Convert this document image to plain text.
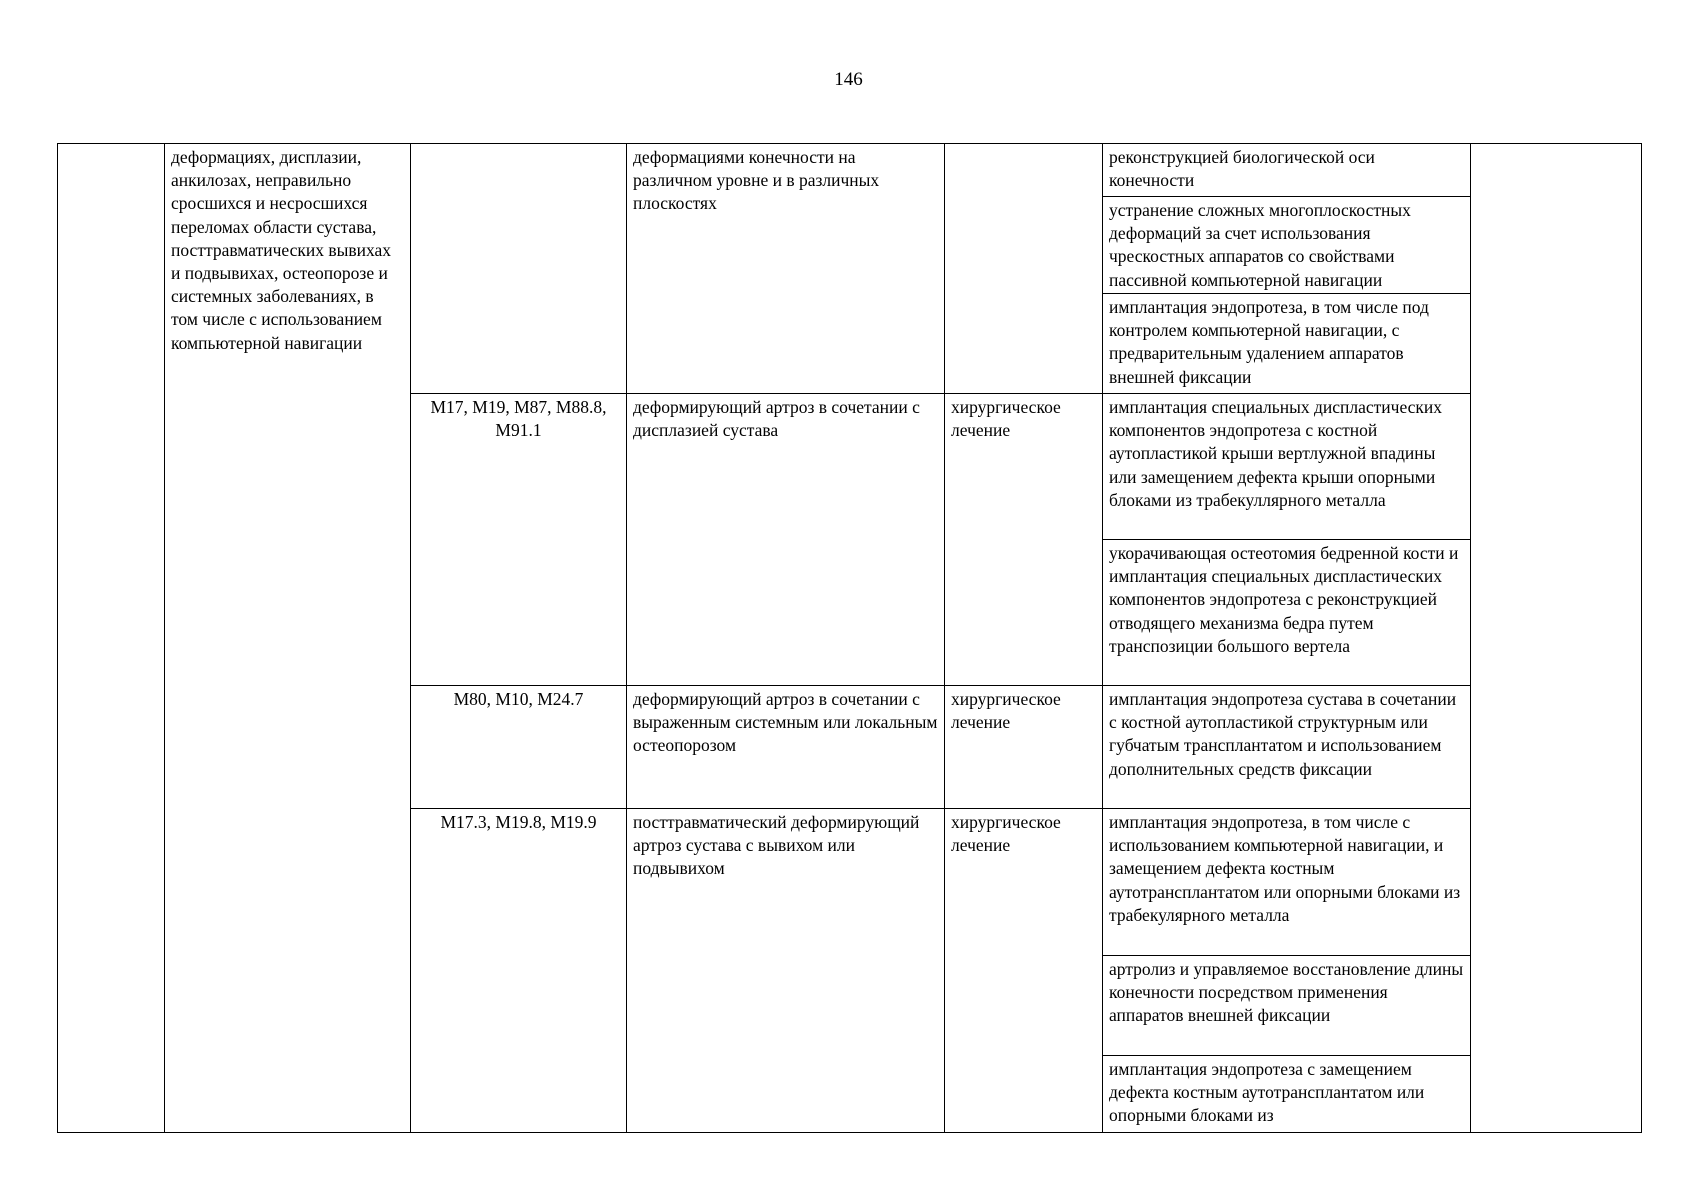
146
	деформациях, дисплазии, анкилозах, неправильно сросшихся и несросшихся переломах области сустава, посттравматических вывихах и подвывихах, остеопорозе и системных заболеваниях, в том числе с использованием компьютерной навигации		деформациями конечности на различном уровне и в различных плоскостях		реконструкцией биологической оси конечности	
					устранение сложных многоплоскостных деформаций за счет использования чрескостных аппаратов со свойствами пассивной компьютерной навигации	
					имплантация эндопротеза, в том числе под контролем компьютерной навигации, с предварительным удалением аппаратов внешней фиксации	
		M17, M19, M87, M88.8, M91.1	деформирующий артроз в сочетании с дисплазией сустава	хирургическое лечение	имплантация специальных диспластических компонентов эндопротеза с костной аутопластикой крыши вертлужной впадины или замещением дефекта крыши опорными блоками из трабекуллярного металла	
					укорачивающая остеотомия бедренной кости и имплантация специальных диспластических компонентов эндопротеза с реконструкцией отводящего механизма бедра путем транспозиции большого вертела	
		M80, M10, M24.7	деформирующий артроз в сочетании с выраженным системным или локальным остеопорозом	хирургическое лечение	имплантация эндопротеза сустава в сочетании с костной аутопластикой структурным или губчатым трансплантатом и использованием дополнительных средств фиксации	
		M17.3, M19.8, M19.9	посттравматический деформирующий артроз сустава с вывихом или подвывихом	хирургическое лечение	имплантация эндопротеза, в том числе с использованием компьютерной навигации, и замещением дефекта костным аутотрансплантатом или опорными блоками из трабекулярного металла	
					артролиз и управляемое восстановление длины конечности посредством применения аппаратов внешней фиксации	
					имплантация эндопротеза с замещением дефекта костным аутотрансплантатом или опорными блоками из	
